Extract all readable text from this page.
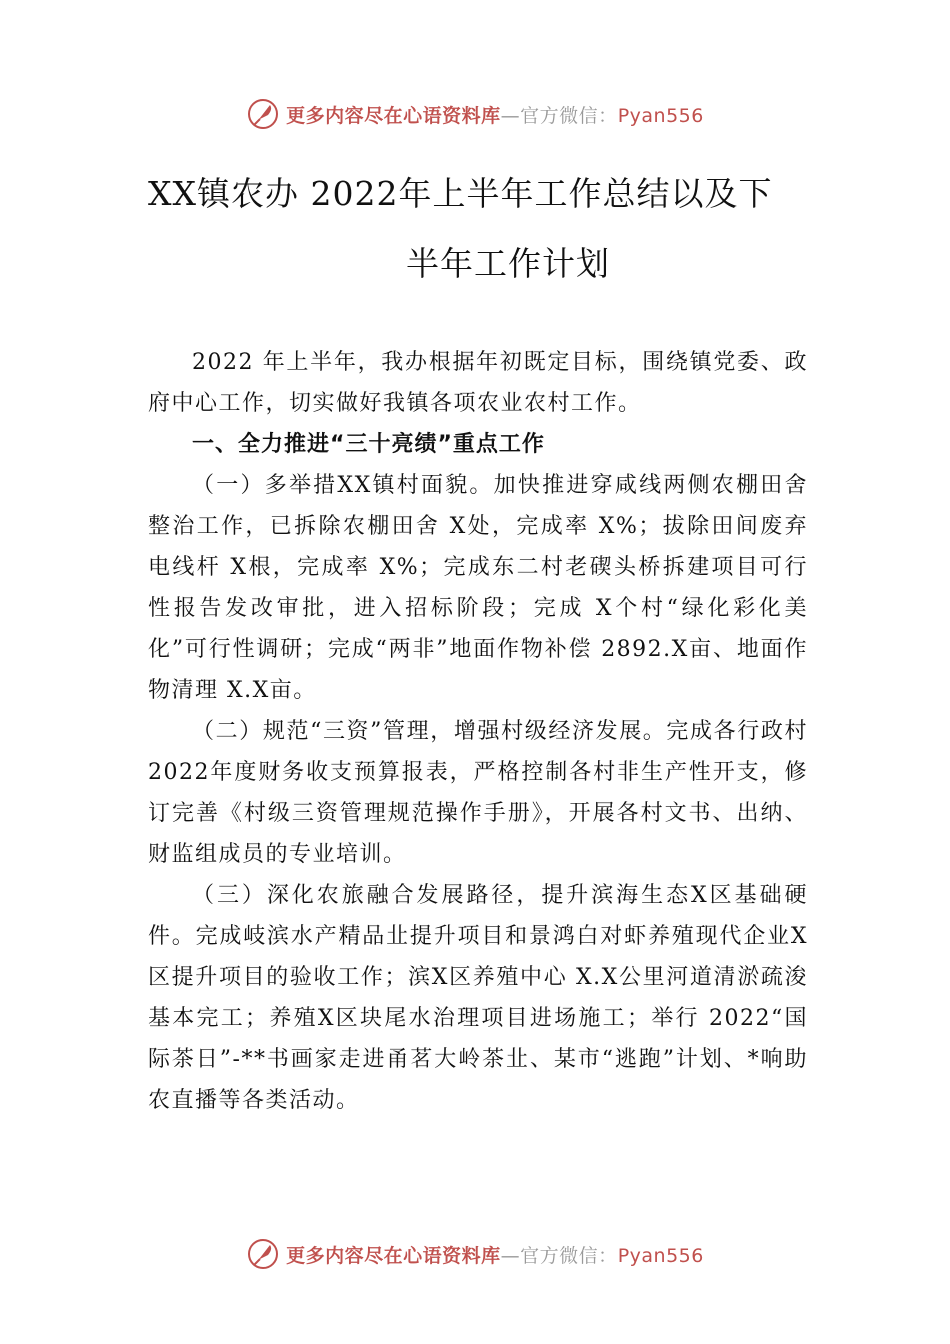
更多内容尽在心语资料库—官方微信：Pyan556
XX镇农办 2022年上半年工作总结以及下
半年工作计划

2022 年上半年，我办根据年初既定目标，围绕镇党委、政府中心工作，切实做好我镇各项农业农村工作。

一、全力推进“三十亮绩”重点工作

（一）多举措XX镇村面貌。加快推进穿咸线两侧农棚田舍整治工作，已拆除农棚田舍 X处，完成率 X%；拔除田间废弃电线杆 X根，完成率 X%；完成东二村老碶头桥拆建项目可行性报告发改审批，进入招标阶段；完成 X个村“绿化彩化美化”可行性调研；完成“两非”地面作物补偿 2892.X亩、地面作物清理 X.X亩。

（二）规范“三资”管理，增强村级经济发展。完成各行政村 2022年度财务收支预算报表，严格控制各村非生产性开支，修订完善《村级三资管理规范操作手册》，开展各村文书、出纳、财监组成员的专业培训。

（三）深化农旅融合发展路径，提升滨海生态X区基础硬件。完成岐滨水产精品㐀提升项目和景鸿白对虾养殖现代企业X区提升项目的验收工作；滨X区养殖中心 X.X公里河道清淤疏浚基本完工；养殖X区块尾水治理项目进场施工；举行 2022“国际茶日”-**书画家走进甬茗大岭茶㐀、某市“逃跑”计划、*响助农直播等各类活动。

更多内容尽在心语资料库—官方微信：Pyan556
